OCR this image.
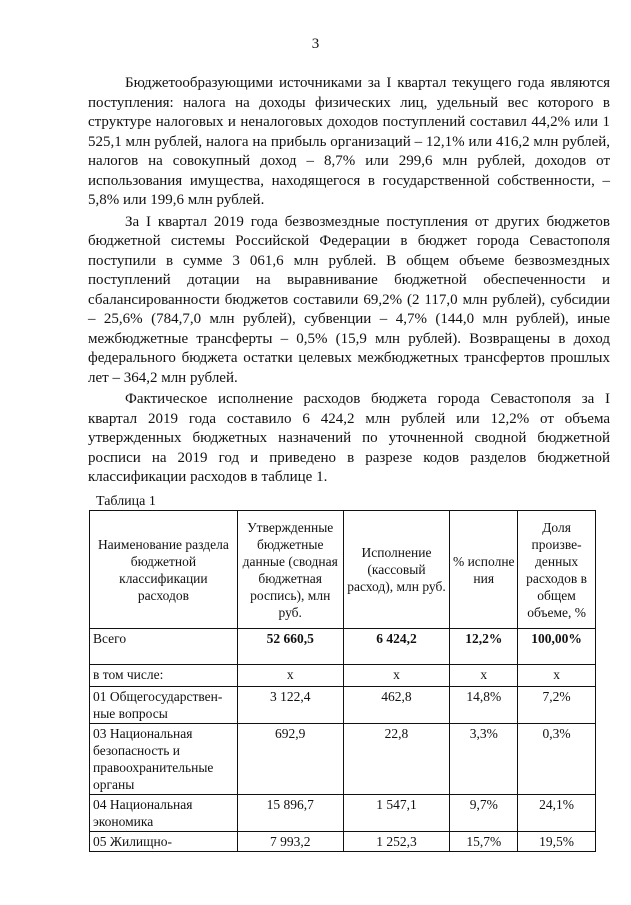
3

Бюджетообразующими источниками за I квартал текущего года являются поступления: налога на доходы физических лиц, удельный вес которого в структуре налоговых и неналоговых доходов поступлений составил 44,2% или 1 525,1 млн рублей, налога на прибыль организаций – 12,1% или 416,2 млн рублей, налогов на совокупный доход – 8,7% или 299,6 млн рублей, доходов от использования имущества, находящегося в государственной собственности, – 5,8% или 199,6 млн рублей.

За I квартал 2019 года безвозмездные поступления от других бюджетов бюджетной системы Российской Федерации в бюджет города Севастополя поступили в сумме 3 061,6 млн рублей. В общем объеме безвозмездных поступлений дотации на выравнивание бюджетной обеспеченности и сбалансированности бюджетов составили 69,2% (2 117,0 млн рублей), субсидии – 25,6% (784,7,0 млн рублей), субвенции – 4,7% (144,0 млн рублей), иные межбюджетные трансферты – 0,5% (15,9 млн рублей). Возвращены в доход федерального бюджета остатки целевых межбюджетных трансфертов прошлых лет – 364,2 млн рублей.

Фактическое исполнение расходов бюджета города Севастополя за I квартал 2019 года составило 6 424,2 млн рублей или 12,2% от объема утвержденных бюджетных назначений по уточненной сводной бюджетной росписи на 2019 год и приведено в разрезе кодов разделов бюджетной классификации расходов в таблице 1.

Таблица 1
Наименование раздела бюджетной классификации расходов	Утвержденные бюджетные данные (сводная бюджетная роспись), млн руб.	Исполнение (кассовый расход), млн руб.	% исполне ния	Доля произве-денных расходов в общем объеме, %
Всего	52 660,5	6 424,2	12,2%	100,00%
в том числе:	х	х	х	х
01 Общегосударствен-ные вопросы	3 122,4	462,8	14,8%	7,2%
03 Национальная безопасность и правоохранительные органы	692,9	22,8	3,3%	0,3%
04 Национальная экономика	15 896,7	1 547,1	9,7%	24,1%
05 Жилищно-	7 993,2	1 252,3	15,7%	19,5%
